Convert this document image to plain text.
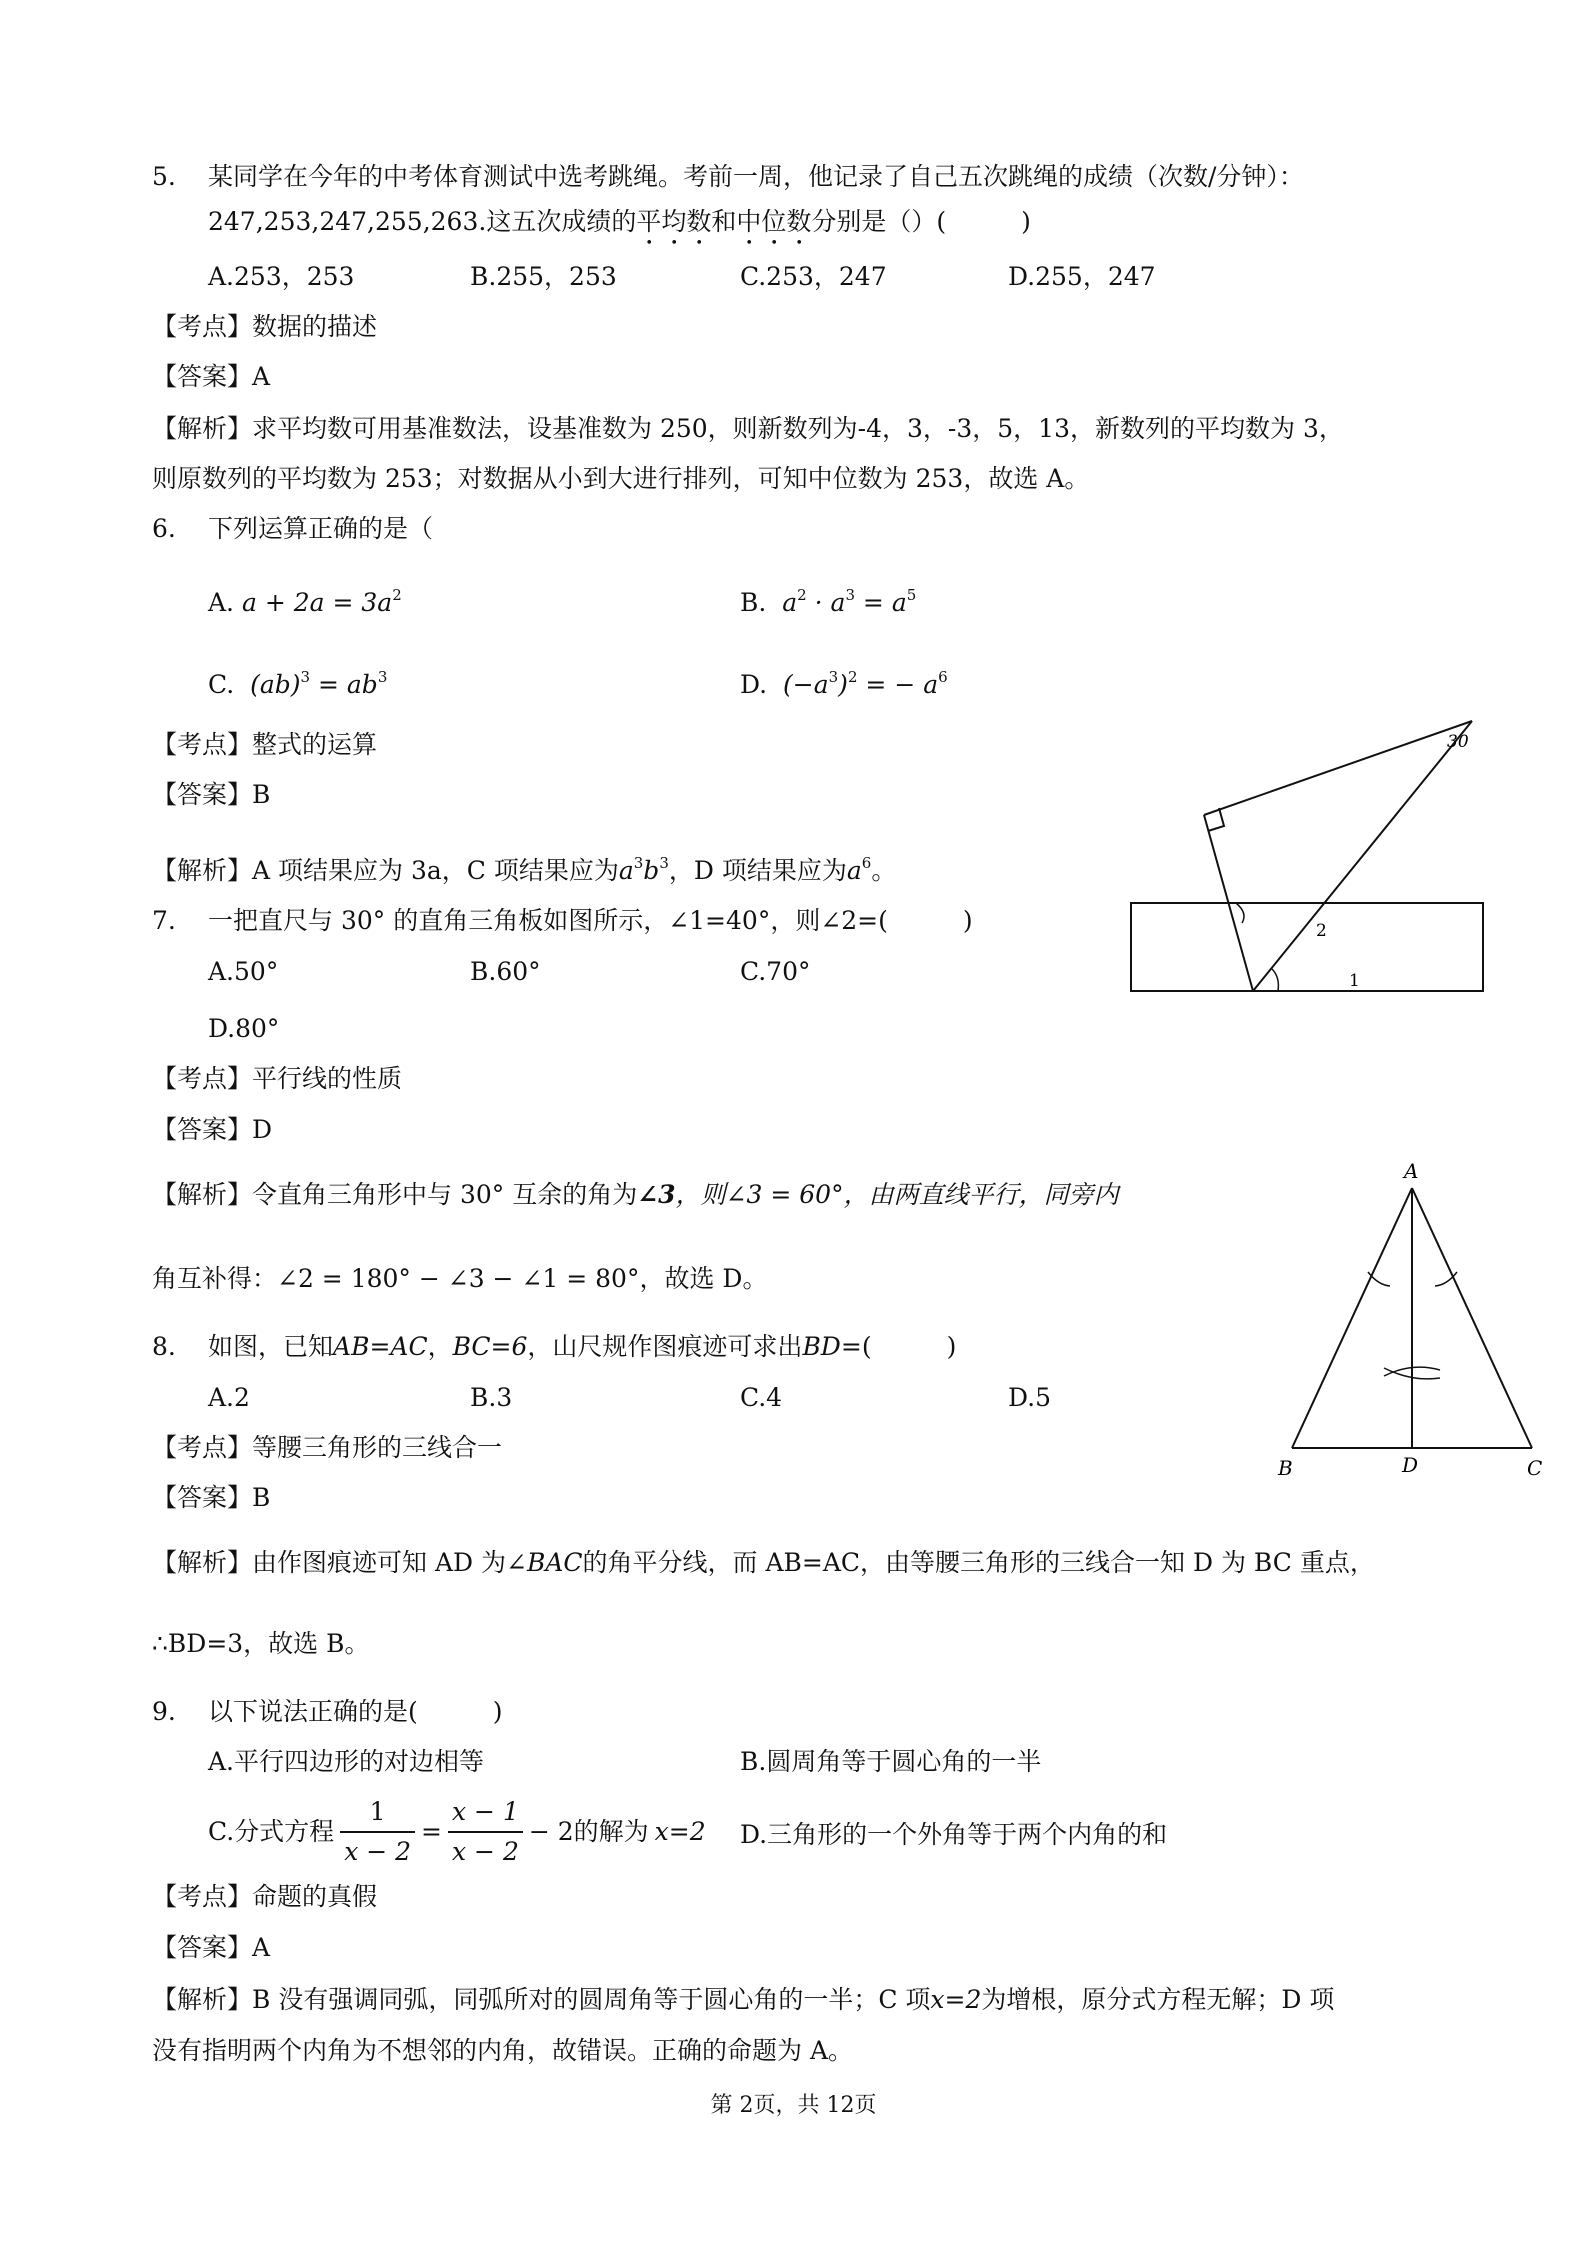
5. 某同学在今年的中考体育测试中选考跳绳。考前一周，他记录了自己五次跳绳的成绩（次数/分钟）：
247,253,247,255,263.这五次成绩的平均数和中位数分别是（）(　　　)
A.253，253	B.255，253	C.253，247	D.255，247
【考点】数据的描述
【答案】A
【解析】求平均数可用基准数法，设基准数为 250，则新数列为-4，3，-3，5，13，新数列的平均数为 3，
则原数列的平均数为 253；对数据从小到大进行排列，可知中位数为 253，故选 A。
6. 下列运算正确的是（
A. $a + 2a = 3a^2$	B. $a^2 \cdot a^3 = a^5$
C. $(ab)^3 = ab^3$	D. $(-a^3)^2$ = − $a^6$
【考点】整式的运算
【答案】B
【解析】A 项结果应为 3a，C 项结果应为$a^3b^3$，D 项结果应为$a^6$。
30
2
1
7. 一把直尺与 30° 的直角三角板如图所示，∠1=40°，则∠2=(　　　)
A.50°	B.60°	C.70°
D.80°
【考点】平行线的性质
【答案】D
A
B	C
D
【解析】令直角三角形中与 30° 互余的角为∠3，则∠3 = 60°，由两直线平行，同旁内
角互补得：∠2 = 180° − ∠3 − ∠1 = 80°，故选 D。
8. 如图，已知AB=AC，BC=6，山尺规作图痕迹可求出BD=(　　　)
A.2	B.3	C.4	D.5
【考点】等腰三角形的三线合一
【答案】B
【解析】由作图痕迹可知 AD 为∠BAC的角平分线，而 AB=AC，由等腰三角形的三线合一知 D 为 BC 重点，
∴BD=3，故选 B。
9. 以下说法正确的是(　　　)
A.平行四边形的对边相等	B.圆周角等于圆心角的一半
C.分式方程 $\frac{1}{x - 2} = \frac{x - 1}{x - 2} - 2$的解为 x=2 D.三角形的一个外角等于两个内角的和
【考点】命题的真假
【答案】A
【解析】B 没有强调同弧，同弧所对的圆周角等于圆心角的一半；C 项x=2为增根，原分式方程无解；D 项
没有指明两个内角为不想邻的内角，故错误。正确的命题为 A。
第 2页，共 12页
